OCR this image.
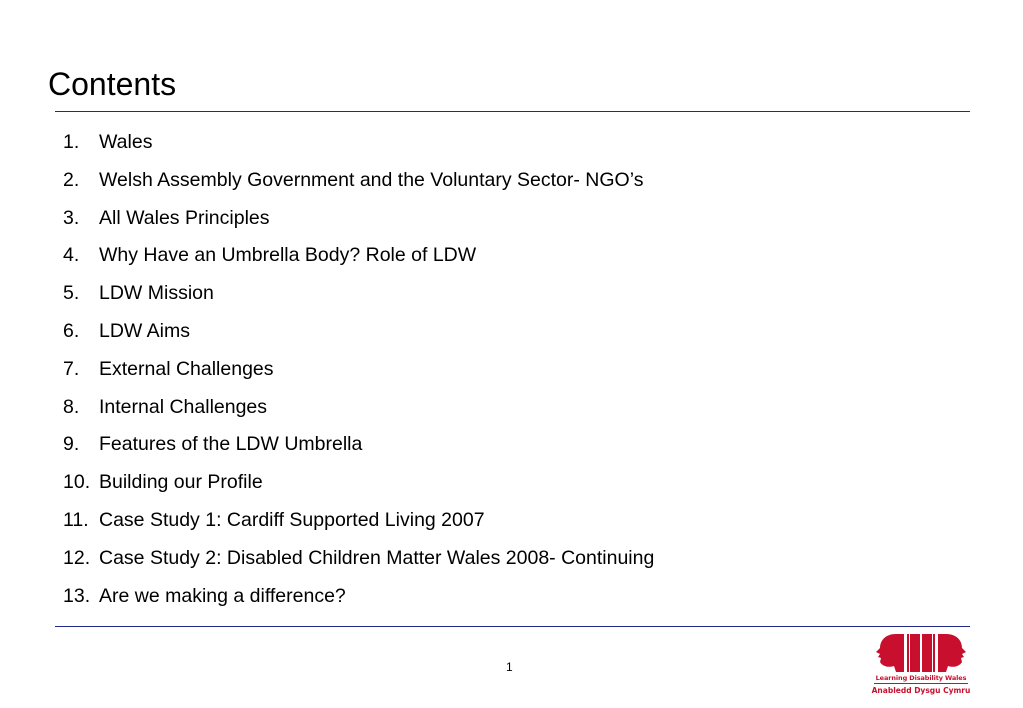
Contents
1.	Wales
2.	Welsh Assembly Government and the Voluntary Sector- NGO’s
3.	All Wales Principles
4.	Why Have an Umbrella Body? Role of LDW
5.	LDW Mission
6.	LDW Aims
7.	External Challenges
8.	Internal Challenges
9.	Features of the LDW Umbrella
10. Building our Profile
11. Case Study 1: Cardiff Supported Living 2007
12. Case Study 2: Disabled Children Matter Wales 2008- Continuing
13. Are we making a difference?
1
Learning Disability Wales
Anabledd Dysgu Cymru
